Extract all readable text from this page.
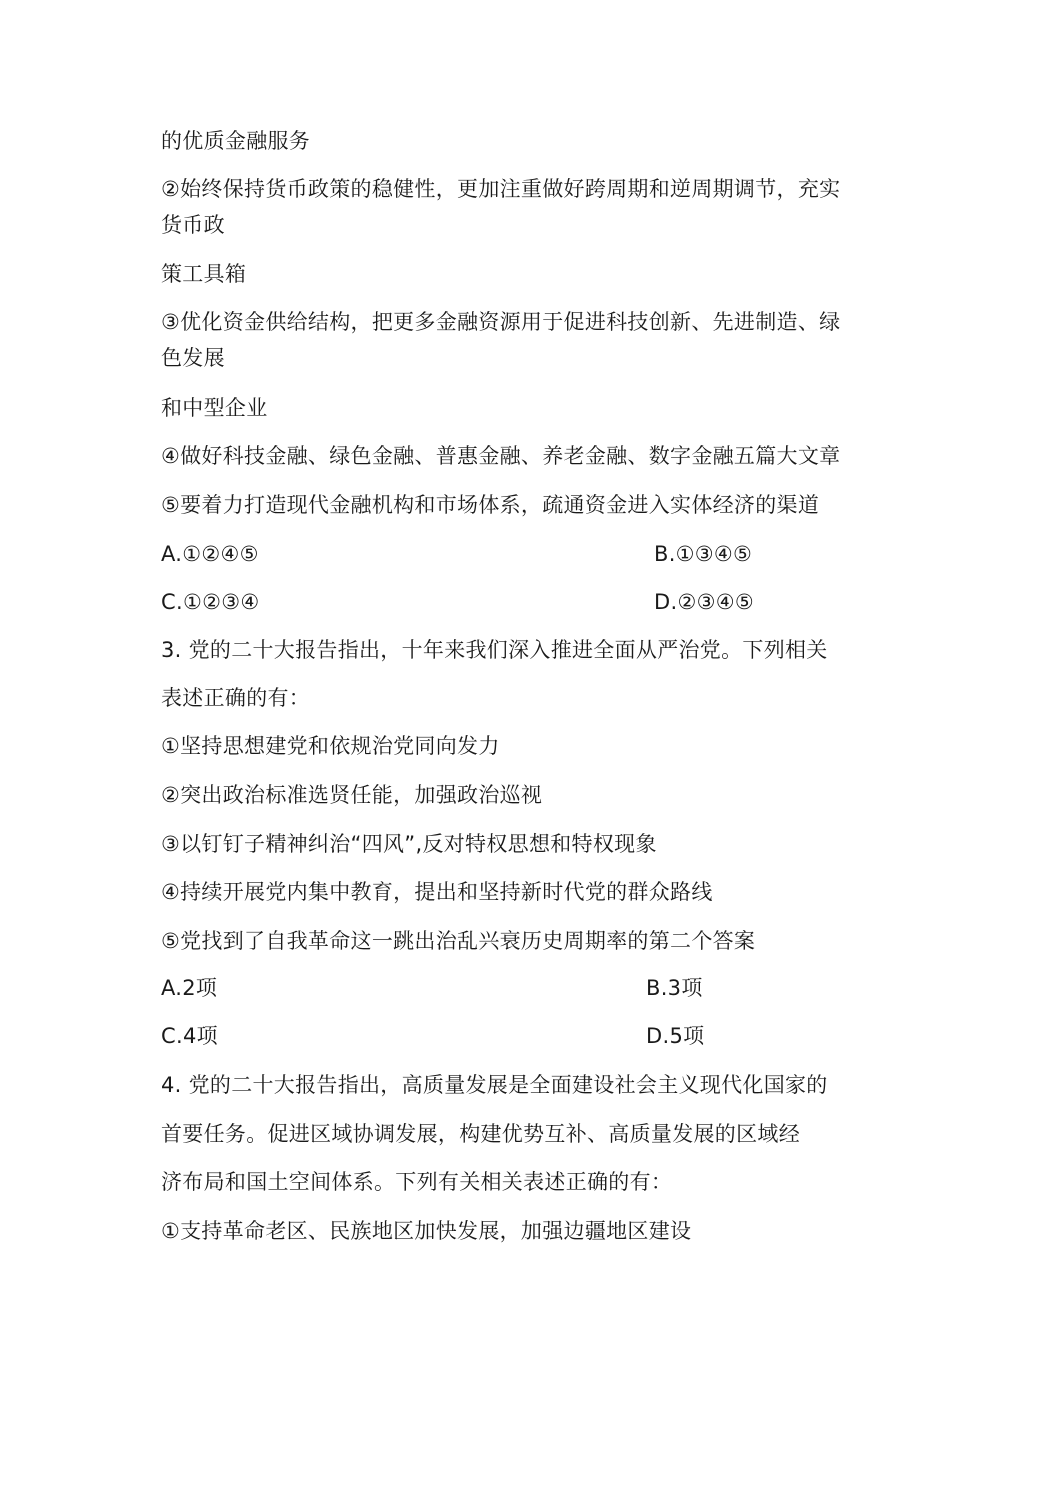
的优质金融服务

②始终保持货币政策的稳健性，更加注重做好跨周期和逆周期调节，充实

货币政

策工具箱

③优化资金供给结构，把更多金融资源用于促进科技创新、先进制造、绿

色发展

和中型企业

④做好科技金融、绿色金融、普惠金融、养老金融、数字金融五篇大文章

⑤要着力打造现代金融机构和市场体系，疏通资金进入实体经济的渠道

A.①②④⑤	B.①③④⑤

C.①②③④	D.②③④⑤

3. 党的二十大报告指出，十年来我们深入推进全面从严治党。下列相关

表述正确的有：

①坚持思想建党和依规治党同向发力

②突出政治标准选贤任能，加强政治巡视

③以钉钉子精神纠治“四风”,反对特权思想和特权现象

④持续开展党内集中教育，提出和坚持新时代党的群众路线

⑤党找到了自我革命这一跳出治乱兴衰历史周期率的第二个答案

A.2项	B.3项

C.4项	D.5项

4. 党的二十大报告指出，高质量发展是全面建设社会主义现代化国家的

首要任务。促进区域协调发展，构建优势互补、高质量发展的区域经

济布局和国土空间体系。下列有关相关表述正确的有：

①支持革命老区、民族地区加快发展，加强边疆地区建设
